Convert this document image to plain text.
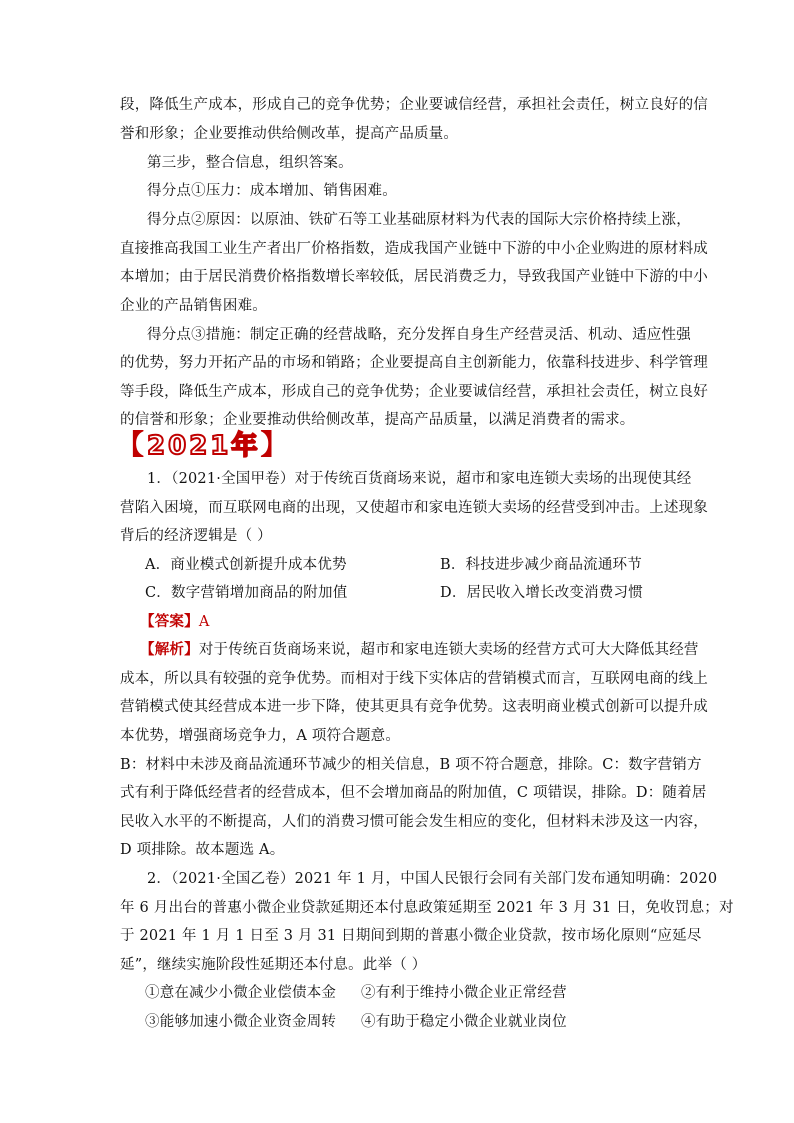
段，降低生产成本，形成自己的竞争优势；企业要诚信经营，承担社会责任，树立良好的信
誉和形象；企业要推动供给侧改革，提高产品质量。
第三步，整合信息，组织答案。
得分点①压力：成本增加、销售困难。
得分点②原因：以原油、铁矿石等工业基础原材料为代表的国际大宗价格持续上涨，
直接推高我国工业生产者出厂价格指数，造成我国产业链中下游的中小企业购进的原材料成
本增加；由于居民消费价格指数增长率较低，居民消费乏力，导致我国产业链中下游的中小
企业的产品销售困难。
得分点③措施：制定正确的经营战略，充分发挥自身生产经营灵活、机动、适应性强
的优势，努力开拓产品的市场和销路；企业要提高自主创新能力，依靠科技进步、科学管理
等手段，降低生产成本，形成自己的竞争优势；企业要诚信经营，承担社会责任，树立良好
的信誉和形象；企业要推动供给侧改革，提高产品质量，以满足消费者的需求。
【 2021年 】
1．（2021·全国甲卷）对于传统百货商场来说，超市和家电连锁大卖场的出现使其经
营陷入困境，而互联网电商的出现，又使超市和家电连锁大卖场的经营受到冲击。上述现象
背后的经济逻辑是（ ）
A．商业模式创新提升成本优势	B．科技进步减少商品流通环节
C．数字营销增加商品的附加值	D．居民收入增长改变消费习惯
【答案】A
【解析】对于传统百货商场来说，超市和家电连锁大卖场的经营方式可大大降低其经营
成本，所以具有较强的竞争优势。而相对于线下实体店的营销模式而言，互联网电商的线上
营销模式使其经营成本进一步下降，使其更具有竞争优势。这表明商业模式创新可以提升成
本优势，增强商场竞争力，A 项符合题意。
B：材料中未涉及商品流通环节减少的相关信息，B 项不符合题意，排除。C：数字营销方
式有利于降低经营者的经营成本，但不会增加商品的附加值，C 项错误，排除。D：随着居
民收入水平的不断提高，人们的消费习惯可能会发生相应的变化，但材料未涉及这一内容，
D 项排除。故本题选 A。
2．（2021·全国乙卷）2021 年 1 月，中国人民银行会同有关部门发布通知明确：2020
年 6 月出台的普惠小微企业贷款延期还本付息政策延期至 2021 年 3 月 31 日，免收罚息；对
于 2021 年 1 月 1 日至 3 月 31 日期间到期的普惠小微企业贷款，按市场化原则“应延尽
延”，继续实施阶段性延期还本付息。此举（ ）
①意在减少小微企业偿债本金 ②有利于维持小微企业正常经营
③能够加速小微企业资金周转 ④有助于稳定小微企业就业岗位
